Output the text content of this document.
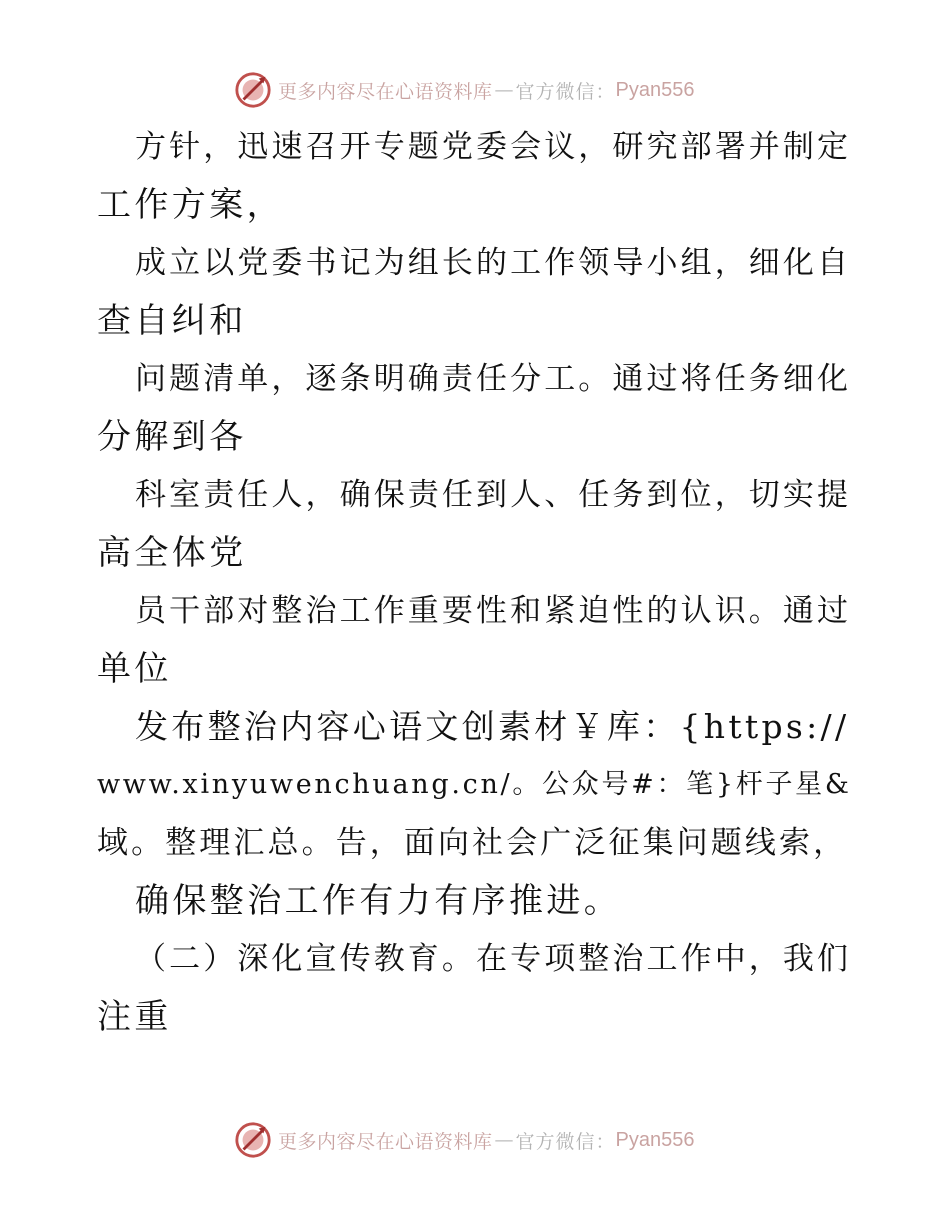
更多内容尽在心语资料库 — 官方微信： Pyan556
方针，迅速召开专题党委会议，研究部署并制定
工作方案，
成立以党委书记为组长的工作领导小组，细化自
查自纠和
问题清单，逐条明确责任分工。通过将任务细化
分解到各
科室责任人，确保责任到人、任务到位，切实提
高全体党
员干部对整治工作重要性和紧迫性的认识。通过
单位
发布整治内容心语文创素材￥库：{https://
www.xinyuwenchuang.cn/。公众号#：笔}杆子星&
域。整理汇总。告，面向社会广泛征集问题线索，
确保整治工作有力有序推进。
（二）深化宣传教育。在专项整治工作中，我们
注重
更多内容尽在心语资料库 — 官方微信： Pyan556
